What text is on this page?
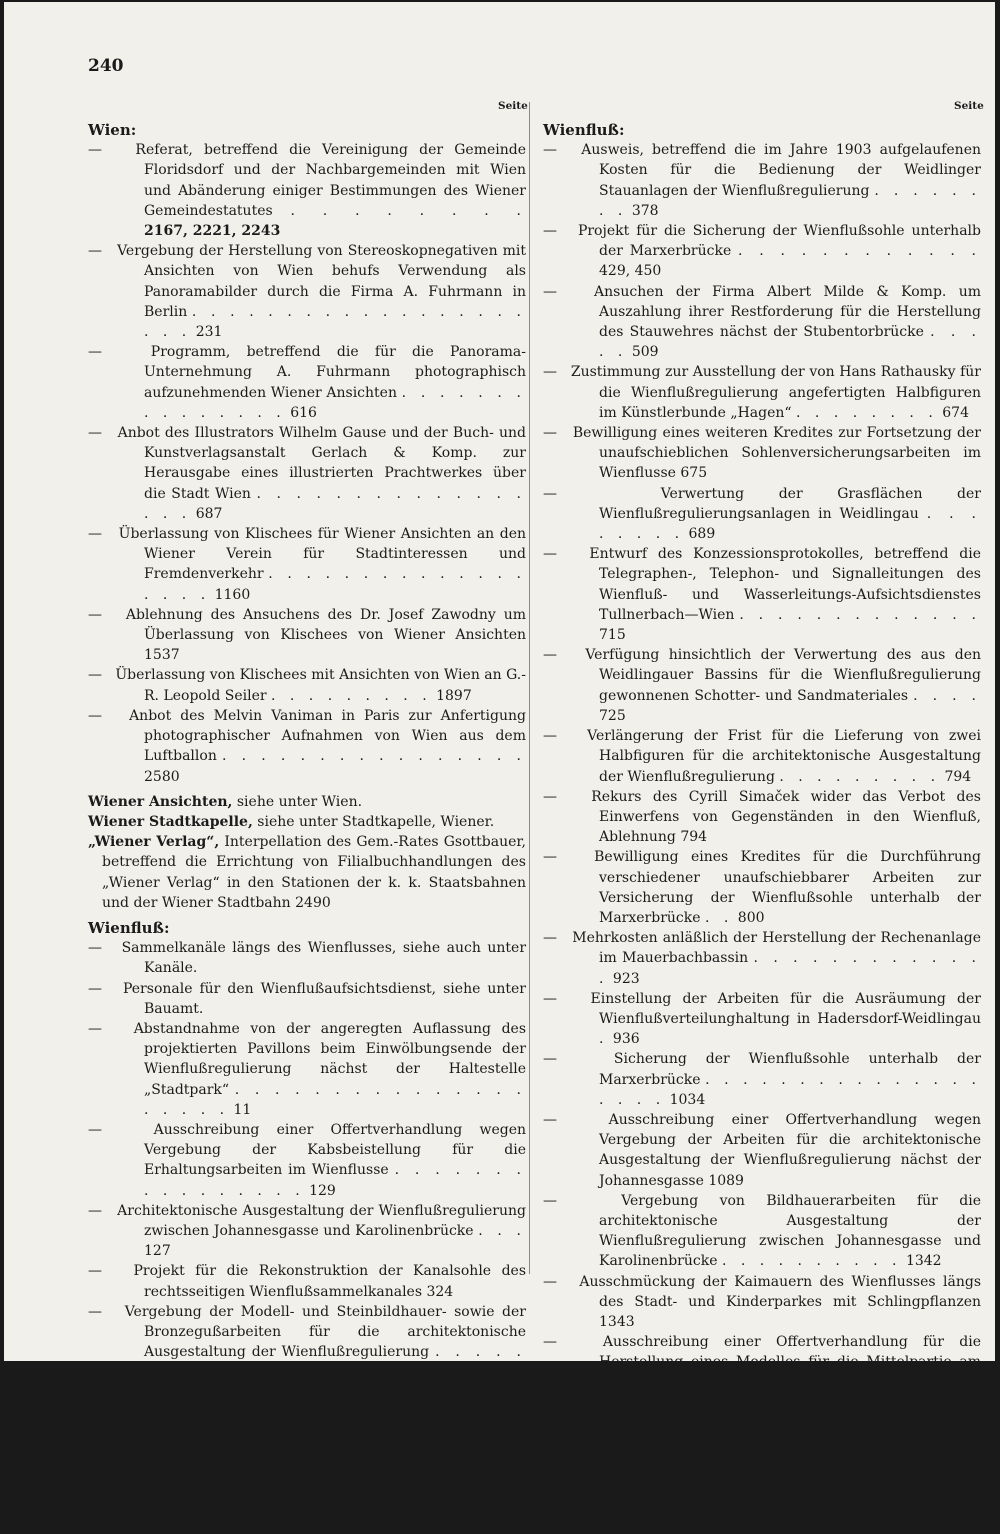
240
Seite	Seite

Wien:

— Referat, betreffend die Vereinigung der Gemeinde Floridsdorf und der Nachbargemeinden mit Wien und Abänderung einiger Bestimmungen des Wiener Gemeindestatutes . . . . . . . . 2167, 2221, 2243

— Vergebung der Herstellung von Stereoskopnegativen mit Ansichten von Wien behufs Verwendung als Panoramabilder durch die Firma A. Fuhrmann in Berlin . . . . . . . . . . . . . . . . . . . . . 231

—	Programm, betreffend die für die Panorama-Unternehmung A. Fuhrmann photographisch aufzunehmenden Wiener Ansichten . . . . . . . . . . . . . . . 616

— Anbot des Illustrators Wilhelm Gause und der Buch- und Kunstverlagsanstalt Gerlach & Komp. zur Herausgabe eines illustrierten Prachtwerkes über die Stadt Wien . . . . . . . . . . . . . . . . . 687

— Überlassung von Klischees für Wiener Ansichten an den Wiener Verein für Stadtinteressen und Fremdenverkehr . . . . . . . . . . . . . . . . . . 1160

— Ablehnung des Ansuchens des Dr. Josef Zawodny um Überlassung von Klischees von Wiener Ansichten 1537

— Überlassung von Klischees mit Ansichten von Wien an G.-R. Leopold Seiler . . . . . . . . . 1897

— Anbot des Melvin Vaniman in Paris zur Anfertigung photographischer Aufnahmen von Wien aus dem Luftballon . . . . . . . . . . . . . . . . 2580

Wiener Ansichten, siehe unter Wien.

Wiener Stadtkapelle, siehe unter Stadtkapelle, Wiener.

„Wiener Verlag“, Interpellation des Gem.-Rates Gsottbauer, betreffend die Errichtung von Filialbuchhandlungen des „Wiener Verlag“ in den Stationen der k. k. Staatsbahnen und der Wiener Stadtbahn 2490

Wienfluß:

— Sammelkanäle längs des Wienflusses, siehe auch unter Kanäle.

— Personale für den Wienflußaufsichtsdienst, siehe unter Bauamt.

— Abstandnahme von der angeregten Auflassung des projektierten Pavillons beim Einwölbungsende der Wienflußregulierung nächst der Haltestelle „Stadtpark“ . . . . . . . . . . . . . . . . . . . . 11

—	Ausschreibung einer Offertverhandlung wegen Vergebung der Kabsbeistellung für die Erhaltungsarbeiten im Wienflusse . . . . . . . . . . . . . . . . 129

— Architektonische Ausgestaltung der Wienflußregulierung zwischen Johannesgasse und Karolinenbrücke . . . 127

— Projekt für die Rekonstruktion der Kanalsohle des rechtsseitigen Wienflußsammelkanales 324

— Vergebung der Modell- und Steinbildhauer- sowie der Bronzegußarbeiten für die architektonische Ausgestaltung der Wienflußregulierung . . . . . . 376

— Genehmigung der Abänderung der Termine für die Flüssigmachung des Architektenhonorares der Wienflußregulierung . . . . . . . . . . . . . . 377

— — Vergebung der Beistellung des Kabsfuhrwerks für den Wienflußerhaltungsdienst . . . . . . . . . 377

Wienfluß:

— Ausweis, betreffend die im Jahre 1903 aufgelaufenen Kosten für die Bedienung der Weidlinger Stauanlagen der Wienflußregulierung . . . . . . . . 378

— Projekt für die Sicherung der Wienflußsohle unterhalb der Marxerbrücke . . . . . . . . . . . . 429, 450

—	Ansuchen der Firma Albert Milde & Komp. um Auszahlung ihrer Restforderung für die Herstellung des Stauwehres nächst der Stubentorbrücke . . . . . 509

— Zustimmung zur Ausstellung der von Hans Rathausky für die Wienflußregulierung angefertigten Halbfiguren im Künstlerbunde „Hagen“ . . . . . . . . 674

— Bewilligung eines weiteren Kredites zur Fortsetzung der unaufschieblichen Sohlenversicherungsarbeiten im Wienflusse 675

—	Verwertung der Grasflächen der Wienflußregulierungsanlagen in Weidlingau . . . . . . . . 689

— Entwurf des Konzessionsprotokolles, betreffend die Telegraphen-, Telephon- und Signalleitungen des Wienfluß- und Wasserleitungs-Aufsichtsdienstes Tullnerbach—Wien . . . . . . . . . . . . . 715

— Verfügung hinsichtlich der Verwertung des aus den Weidlingauer Bassins für die Wienflußregulierung gewonnenen Schotter- und Sandmateriales . . . . 725

— Verlängerung der Frist für die Lieferung von zwei Halbfiguren für die architektonische Ausgestaltung der Wienflußregulierung . . . . . . . . . 794

— Rekurs des Cyrill Simaček wider das Verbot des Einwerfens von Gegenständen in den Wienfluß, Ablehnung 794

—	Bewilligung eines Kredites für die Durchführung verschiedener unaufschiebbarer Arbeiten zur Versicherung der Wienflußsohle unterhalb der Marxerbrücke . . 800

— Mehrkosten anläßlich der Herstellung der Rechenanlage im Mauerbachbassin . . . . . . . . . . . . . 923

— Einstellung der Arbeiten für die Ausräumung der Wienflußverteilunghaltung in Hadersdorf-Weidlingau . 936

—	Sicherung der Wienflußsohle unterhalb der Marxerbrücke . . . . . . . . . . . . . . . . . . . 1034

—	Ausschreibung einer Offertverhandlung wegen Vergebung der Arbeiten für die architektonische Ausgestaltung der Wienflußregulierung nächst der Johannesgasse 1089

—	Vergebung von Bildhauerarbeiten für die architektonische Ausgestaltung der Wienflußregulierung zwischen Johannesgasse und Karolinenbrücke . . . . . . . . . . 1342

— Ausschmückung der Kaimauern des Wienflusses längs des Stadt- und Kinderparkes mit Schlingpflanzen 1343

—	Ausschreibung einer Offertverhandlung für die Herstellung eines Modelles für die Mittelpartie am Gewölbschluß der architektonischen Ausgestaltung der Wienflußregulierung zwischen Johannesgasse und Karolinenbrücke . . . . . . . . . . . . . . . . . . . . . . . . 1404

—	Magistratsbericht, betreffend die Übernahme von Modellen für architektonische Ausgestaltung der Wienflußregulierung nächst der Johannesgasse . . . . . . 1533
